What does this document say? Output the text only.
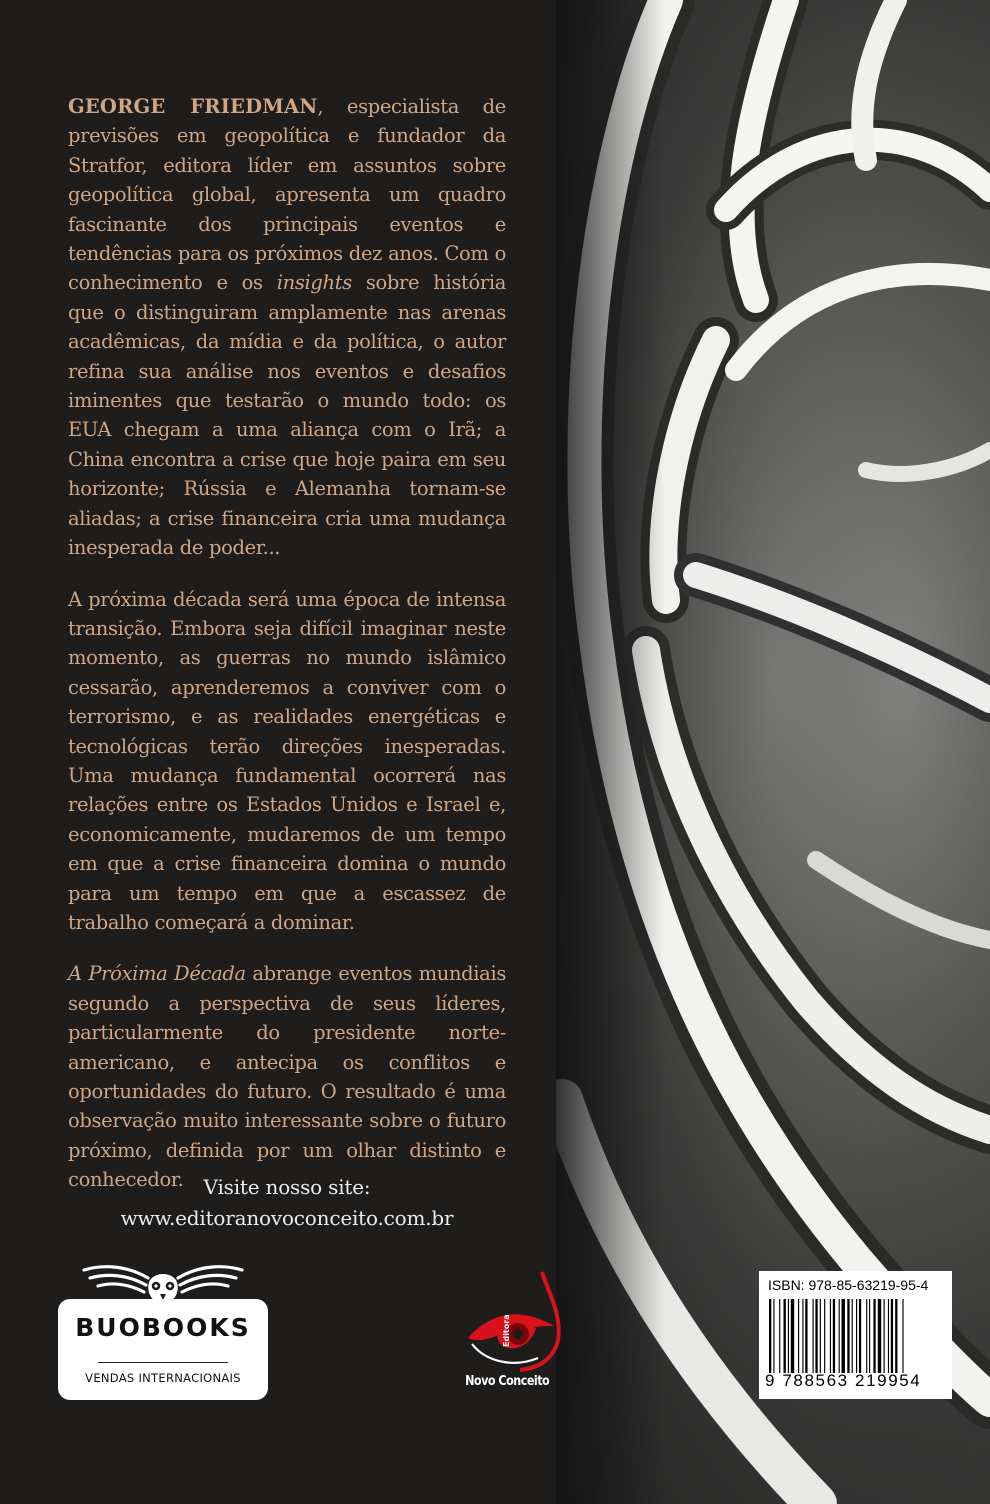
GEORGE FRIEDMAN, especialista de previsões em geopolítica e fundador da Stratfor, editora líder em assuntos sobre geopolítica global, apresenta um quadro fascinante dos principais eventos e tendências para os próximos dez anos. Com o conhecimento e os insights sobre história que o distinguiram amplamente nas arenas acadêmicas, da mídia e da política, o autor refina sua análise nos eventos e desafios iminentes que testarão o mundo todo: os EUA chegam a uma aliança com o Irã; a China encontra a crise que hoje paira em seu horizonte; Rússia e Alemanha tornam-se aliadas; a crise financeira cria uma mudança inesperada de poder...

A próxima década será uma época de intensa transição. Embora seja difícil imaginar neste momento, as guerras no mundo islâmico cessarão, aprenderemos a conviver com o terrorismo, e as realidades energéticas e tecnológicas terão direções inesperadas. Uma mudança fundamental ocorrerá nas relações entre os Estados Unidos e Israel e, economicamente, mudaremos de um tempo em que a crise financeira domina o mundo para um tempo em que a escassez de trabalho começará a dominar.

A Próxima Década abrange eventos mundiais segundo a perspectiva de seus líderes, particularmente do presidente norte-americano, e antecipa os conflitos e oportunidades do futuro. O resultado é uma observação muito interessante sobre o futuro próximo, definida por um olhar distinto e conhecedor.	Visite nosso site:
www.editoranovoconceito.com.br
BUOBOOKS
VENDAS INTERNACIONAIS
Editora
Novo Conceito
ISBN: 978-85-63219-95-4
9 788563 219954
